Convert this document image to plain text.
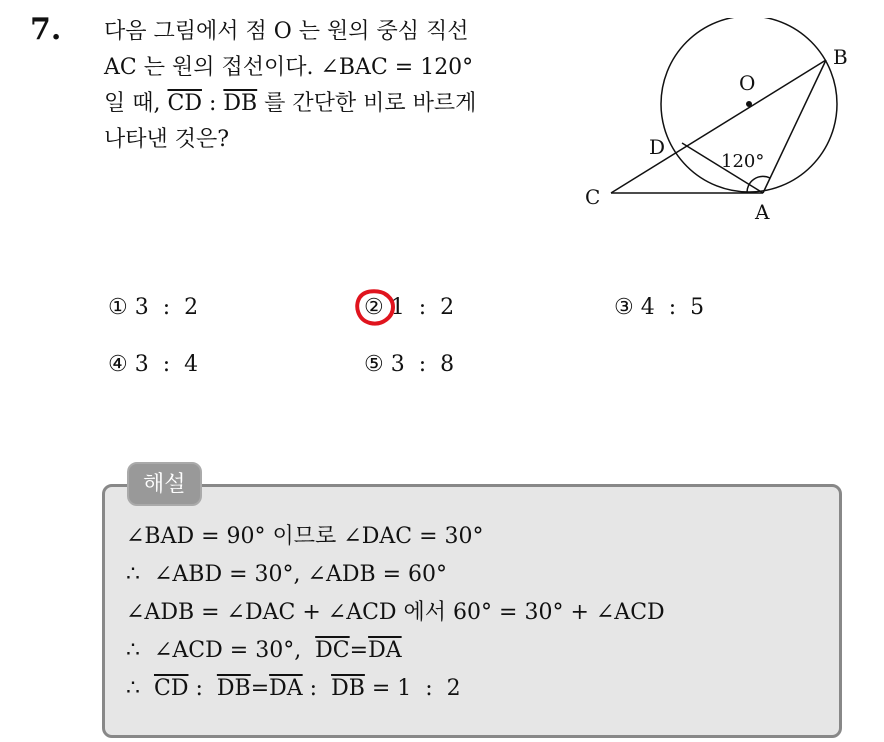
7. 다음 그림에서 점 O 는 원의 중심 직선
AC 는 원의 접선이다. ∠BAC = 120°
일 때, $\overline{CD}$ : $\overline{DB}$ 를 간단한 비로 바르게
나타낸 것은?
O
B
D
C
A
120°
① 3  :  2	② 1  :  2	③ 4  :  5
④ 3  :  4	⑤ 3  :  8
해설
∠BAD = 90° 이므로 ∠DAC = 30°
∴  ∠ABD = 30°, ∠ADB = 60°
∠ADB = ∠DAC + ∠ACD 에서 60° = 30° + ∠ACD
∴  ∠ACD = 30°,  $\overline{DC}=\overline{DA}$
∴  $\overline{CD}$ :  $\overline{DB}=\overline{DA}$ :  $\overline{DB} = 1$  :  2
